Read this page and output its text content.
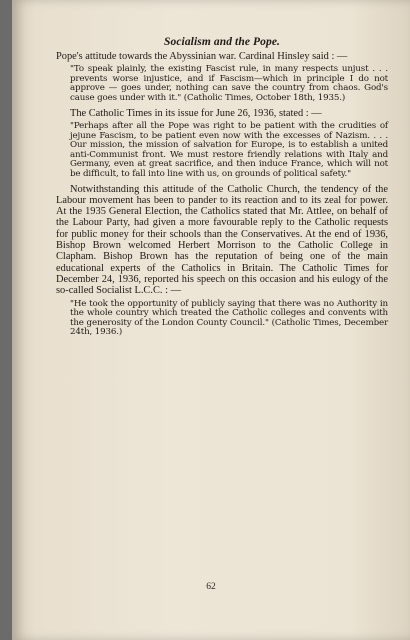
Socialism and the Pope.

Pope's attitude towards the Abyssinian war. Cardinal Hinsley said : —

"To speak plainly, the existing Fascist rule, in many respects unjust . . . prevents worse injustice, and if Fascism—which in principle I do not approve — goes under, nothing can save the country from chaos. God's cause goes under with it." (Catholic Times, October 18th, 1935.)

The Catholic Times in its issue for June 26, 1936, stated : —

"Perhaps after all the Pope was right to be patient with the crudities of jejune Fascism, to be patient even now with the excesses of Nazism. . . . Our mission, the mission of salvation for Europe, is to establish a united anti-Communist front. We must restore friendly relations with Italy and Germany, even at great sacrifice, and then induce France, which will not be difficult, to fall into line with us, on grounds of political safety."

Notwithstanding this attitude of the Catholic Church, the tendency of the Labour movement has been to pander to its reaction and to its zeal for power. At the 1935 General Election, the Catholics stated that Mr. Attlee, on behalf of the Labour Party, had given a more favourable reply to the Catholic requests for public money for their schools than the Conservatives. At the end of 1936, Bishop Brown welcomed Herbert Morrison to the Catholic College in Clapham. Bishop Brown has the reputation of being one of the main educational experts of the Catholics in Britain. The Catholic Times for December 24, 1936, reported his speech on this occasion and his eulogy of the so-called Socialist L.C.C. : —

"He took the opportunity of publicly saying that there was no Authority in the whole country which treated the Catholic colleges and convents with the generosity of the London County Council." (Catholic Times, December 24th, 1936.)

62
